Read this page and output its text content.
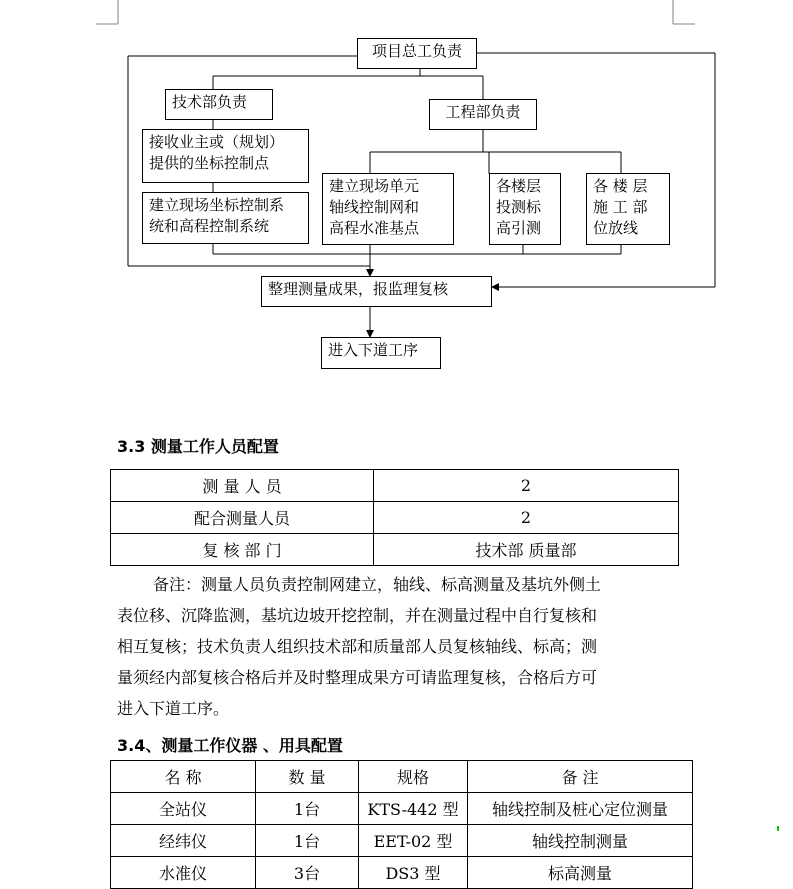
项目总工负责
技术部负责
工程部负责
接收业主或（规划）
提供的坐标控制点
建立现场坐标控制系
统和高程控制系统
建立现场单元
轴线控制网和
高程水准基点
各楼层
投测标
高引测
各 楼 层
施 工 部
位放线
整理测量成果，报监理复核
进入下道工序
3.3 测量工作人员配置
测 量 人 员	2
配合测量人员	2
复 核 部 门	技术部 质量部

备注：测量人员负责控制网建立，轴线、标高测量及基坑外侧土

表位移、沉降监测，基坑边坡开挖控制，并在测量过程中自行复核和

相互复核；技术负责人组织技术部和质量部人员复核轴线、标高；测

量须经内部复核合格后并及时整理成果方可请监理复核，合格后方可

进入下道工序。

3.4、测量工作仪器 、用具配置
名 称	数 量	规格	备 注
全站仪	1台	KTS-442 型	轴线控制及桩心定位测量
经纬仪	1台	EET-02 型	轴线控制测量
水准仪	3台	DS3 型	标高测量
